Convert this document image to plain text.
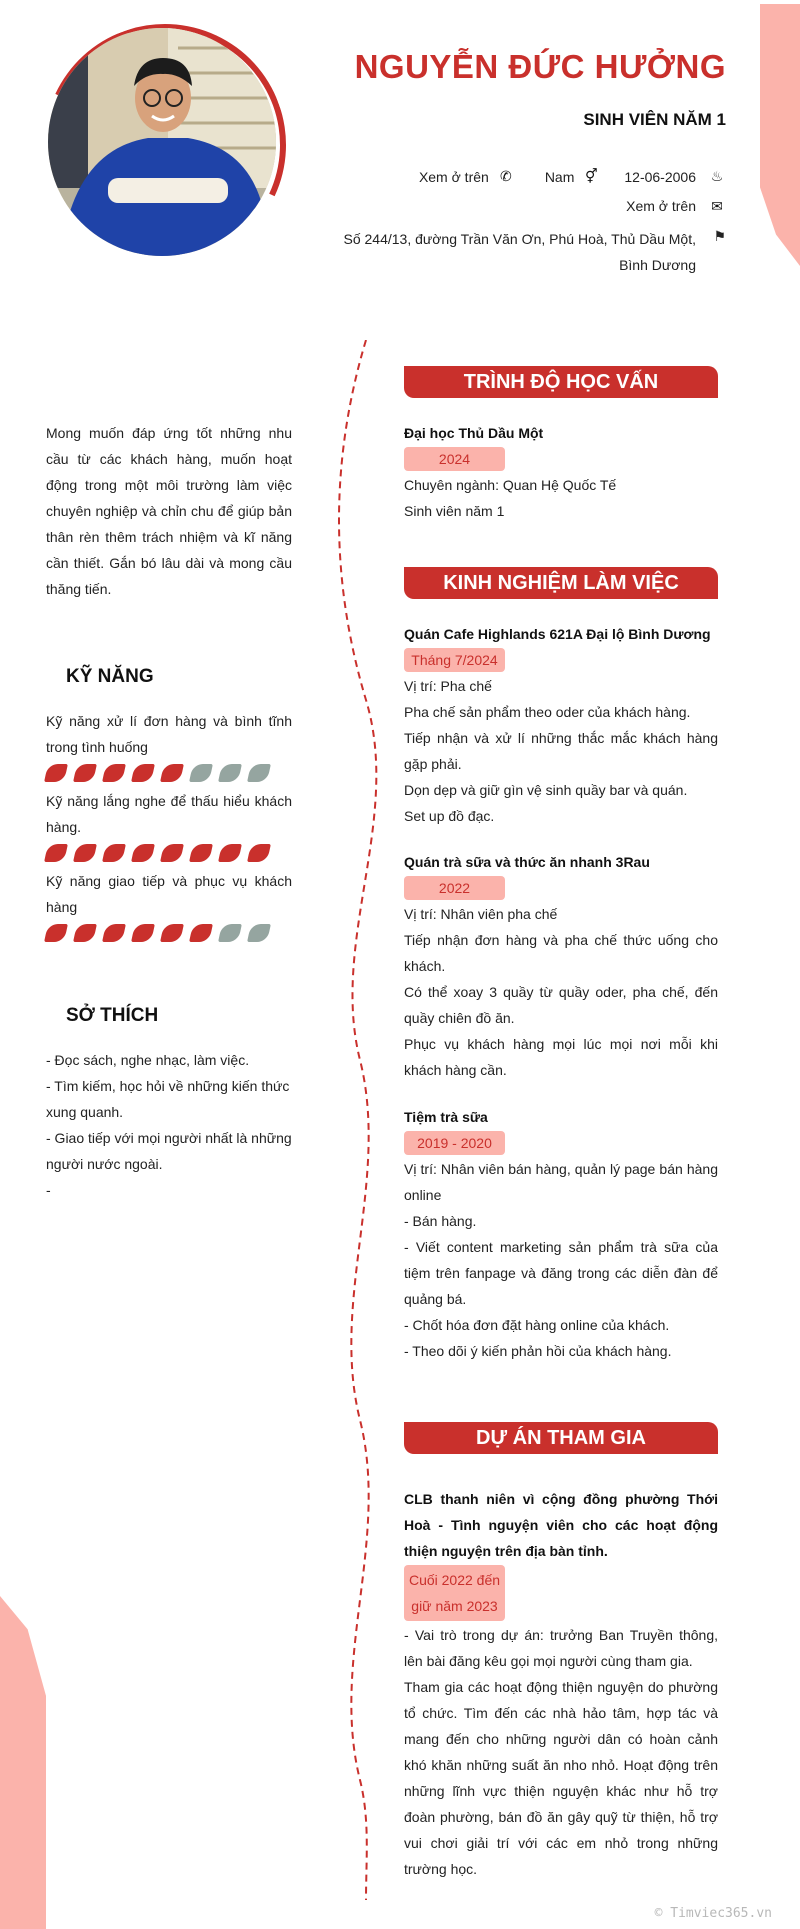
NGUYỄN ĐỨC HƯỞNG
SINH VIÊN NĂM 1
Xem ở trên ✆ Nam ⚥ 12-06-2006 ♨
Xem ở trên ✉
Số 244/13, đường Trần Văn Ơn, Phú Hoà, Thủ Dầu Một, Bình Dương
⚑
Mong muốn đáp ứng tốt những nhu cầu từ các khách hàng, muốn hoạt động trong một môi trường làm việc chuyên nghiệp và chỉn chu để giúp bản thân rèn thêm trách nhiệm và kĩ năng cần thiết. Gắn bó lâu dài và mong cầu thăng tiến.
KỸ NĂNG
Kỹ năng xử lí đơn hàng và bình tĩnh trong tình huống
Kỹ năng lắng nghe để thấu hiểu khách hàng.
Kỹ năng giao tiếp và phục vụ khách hàng
SỞ THÍCH
- Đọc sách, nghe nhạc, làm việc.
- Tìm kiếm, học hỏi về những kiến thức xung quanh.
- Giao tiếp với mọi người nhất là những người nước ngoài.
-
TRÌNH ĐỘ HỌC VẤN
Đại học Thủ Dầu Một
2024
Chuyên ngành: Quan Hệ Quốc Tế
Sinh viên năm 1
KINH NGHIỆM LÀM VIỆC
Quán Cafe Highlands 621A Đại lộ Bình Dương
Tháng 7/2024
Vị trí: Pha chế
Pha chế sản phẩm theo oder của khách hàng.
Tiếp nhận và xử lí những thắc mắc khách hàng gặp phải.
Dọn dẹp và giữ gìn vệ sinh quầy bar và quán.
Set up đồ đạc.
Quán trà sữa và thức ăn nhanh 3Rau
2022
Vị trí: Nhân viên pha chế
Tiếp nhận đơn hàng và pha chế thức uống cho khách.
Có thể xoay 3 quầy từ quầy oder, pha chế, đến quầy chiên đồ ăn.
Phục vụ khách hàng mọi lúc mọi nơi mỗi khi khách hàng cần.
Tiệm trà sữa
2019 - 2020
Vị trí: Nhân viên bán hàng, quản lý page bán hàng online
- Bán hàng.
- Viết content marketing sản phẩm trà sữa của tiệm trên fanpage và đăng trong các diễn đàn để quảng bá.
- Chốt hóa đơn đặt hàng online của khách.
- Theo dõi ý kiến phản hồi của khách hàng.
DỰ ÁN THAM GIA
CLB thanh niên vì cộng đồng phường Thới Hoà - Tình nguyện viên cho các hoạt động thiện nguyện trên địa bàn tỉnh.
Cuối 2022 đến giữ năm 2023
- Vai trò trong dự án: trưởng Ban Truyền thông, lên bài đăng kêu gọi mọi người cùng tham gia.
Tham gia các hoạt động thiện nguyện do phường tổ chức. Tìm đến các nhà hảo tâm, hợp tác và mang đến cho những người dân có hoàn cảnh khó khăn những suất ăn nho nhỏ. Hoạt động trên những lĩnh vực thiện nguyện khác như hỗ trợ đoàn phường, bán đồ ăn gây quỹ từ thiện, hỗ trợ vui chơi giải trí với các em nhỏ trong những trường học.
© Timviec365.vn
